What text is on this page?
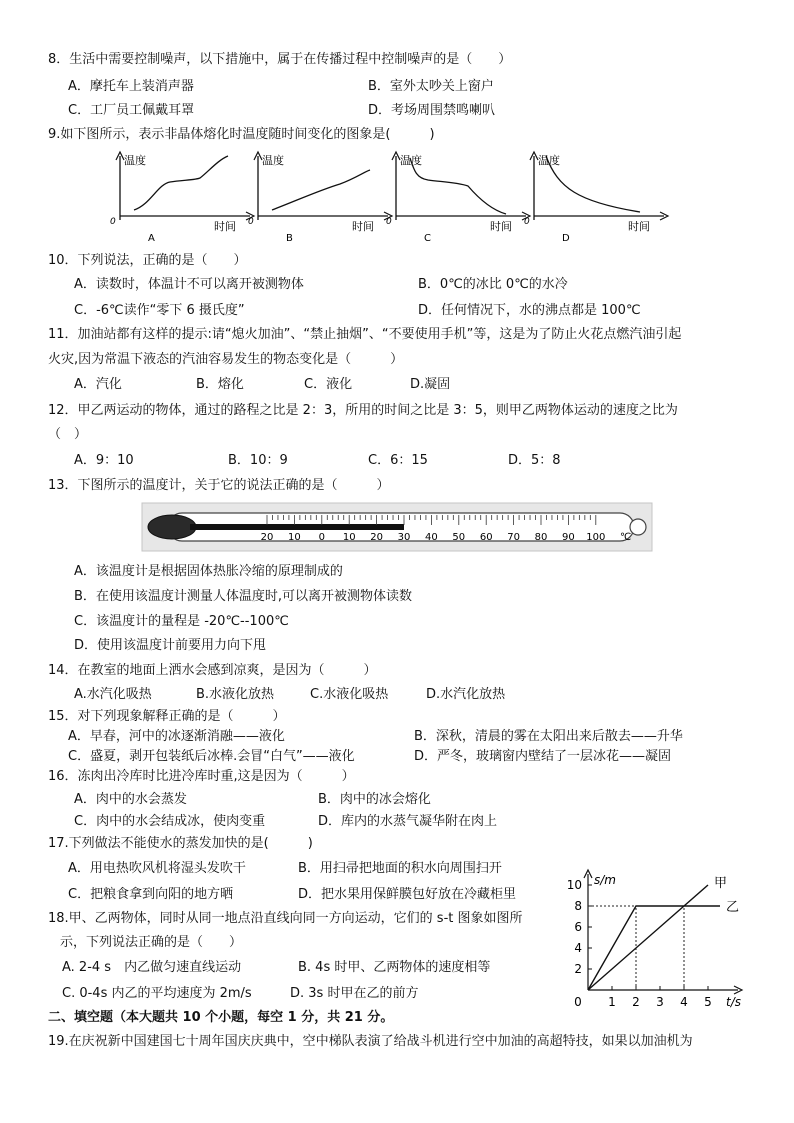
8．生活中需要控制噪声，以下措施中，属于在传播过程中控制噪声的是（　　）
A．摩托车上装消声器	B．室外太吵关上窗户
C．工厂员工佩戴耳罩	D．考场周围禁鸣喇叭
9.如下图所示，表示非晶体熔化时温度随时间变化的图象是(　　　)
温度
时间
0
A
温度
时间
0
B
温度
时间
0
C
温度
时间
0
D
10．下列说法，正确的是（　　）
A．读数时，体温计不可以离开被测物体	B．0℃的冰比 0℃的水冷
C．-6℃读作“零下 6 摄氏度”	D．任何情况下，水的沸点都是 100℃
11．加油站都有这样的提示:请“熄火加油”、“禁止抽烟”、“不要使用手机”等，这是为了防止火花点燃汽油引起
火灾,因为常温下液态的汽油容易发生的物态变化是（　　　）
A．汽化	B．熔化	C．液化	D.凝固
12．甲乙两运动的物体，通过的路程之比是 2：3，所用的时间之比是 3：5，则甲乙两物体运动的速度之比为
（　）
A．9：10	B．10：9	C．6：15	D．5：8
13．下图所示的温度计，关于它的说法正确的是（　　　）
20 10 0 10 20 30 40 50 60 70 80 90 100 ℃
A．该温度计是根据固体热胀冷缩的原理制成的
B．在使用该温度计测量人体温度时,可以离开被测物体读数
C．该温度计的量程是 -20℃--100℃
D．使用该温度计前要用力向下甩
14．在教室的地面上洒水会感到凉爽，是因为（　　　）
A.水汽化吸热	B.水液化放热	C.水液化吸热	D.水汽化放热
15．对下列现象解释正确的是（　　　）
A．早春，河中的冰逐渐消融——液化	B．深秋，清晨的雾在太阳出来后散去——升华
C．盛夏，剥开包装纸后冰棒.会冒“白气”——液化	D．严冬，玻璃窗内壁结了一层冰花——凝固
16．冻肉出冷库时比进冷库时重,这是因为（　　　）
A．肉中的水会蒸发	B．肉中的冰会熔化
C．肉中的水会结成冰，使肉变重	D．库内的水蒸气凝华附在肉上
17.下列做法不能使水的蒸发加快的是(　　　)
A．用电热吹风机将湿头发吹干	B．用扫帚把地面的积水向周围扫开
C．把粮食拿到向阳的地方晒	D．把水果用保鲜膜包好放在冷藏柜里
18.甲、乙两物体，同时从同一地点沿直线向同一方向运动，它们的 s-t 图象如图所
示，下列说法正确的是（　　）
A. 2-4 s　内乙做匀速直线运动	B. 4s 时甲、乙两物体的速度相等
C. 0-4s 内乙的平均速度为 2m/s	D. 3s 时甲在乙的前方
2
4
6
8
10
1 2 3 4 5
0
s/m
t/s
甲
乙
二、填空题（本大题共 10 个小题，每空 1 分，共 21 分。
19.在庆祝新中国建国七十周年国庆庆典中，空中梯队表演了给战斗机进行空中加油的高超特技，如果以加油机为
